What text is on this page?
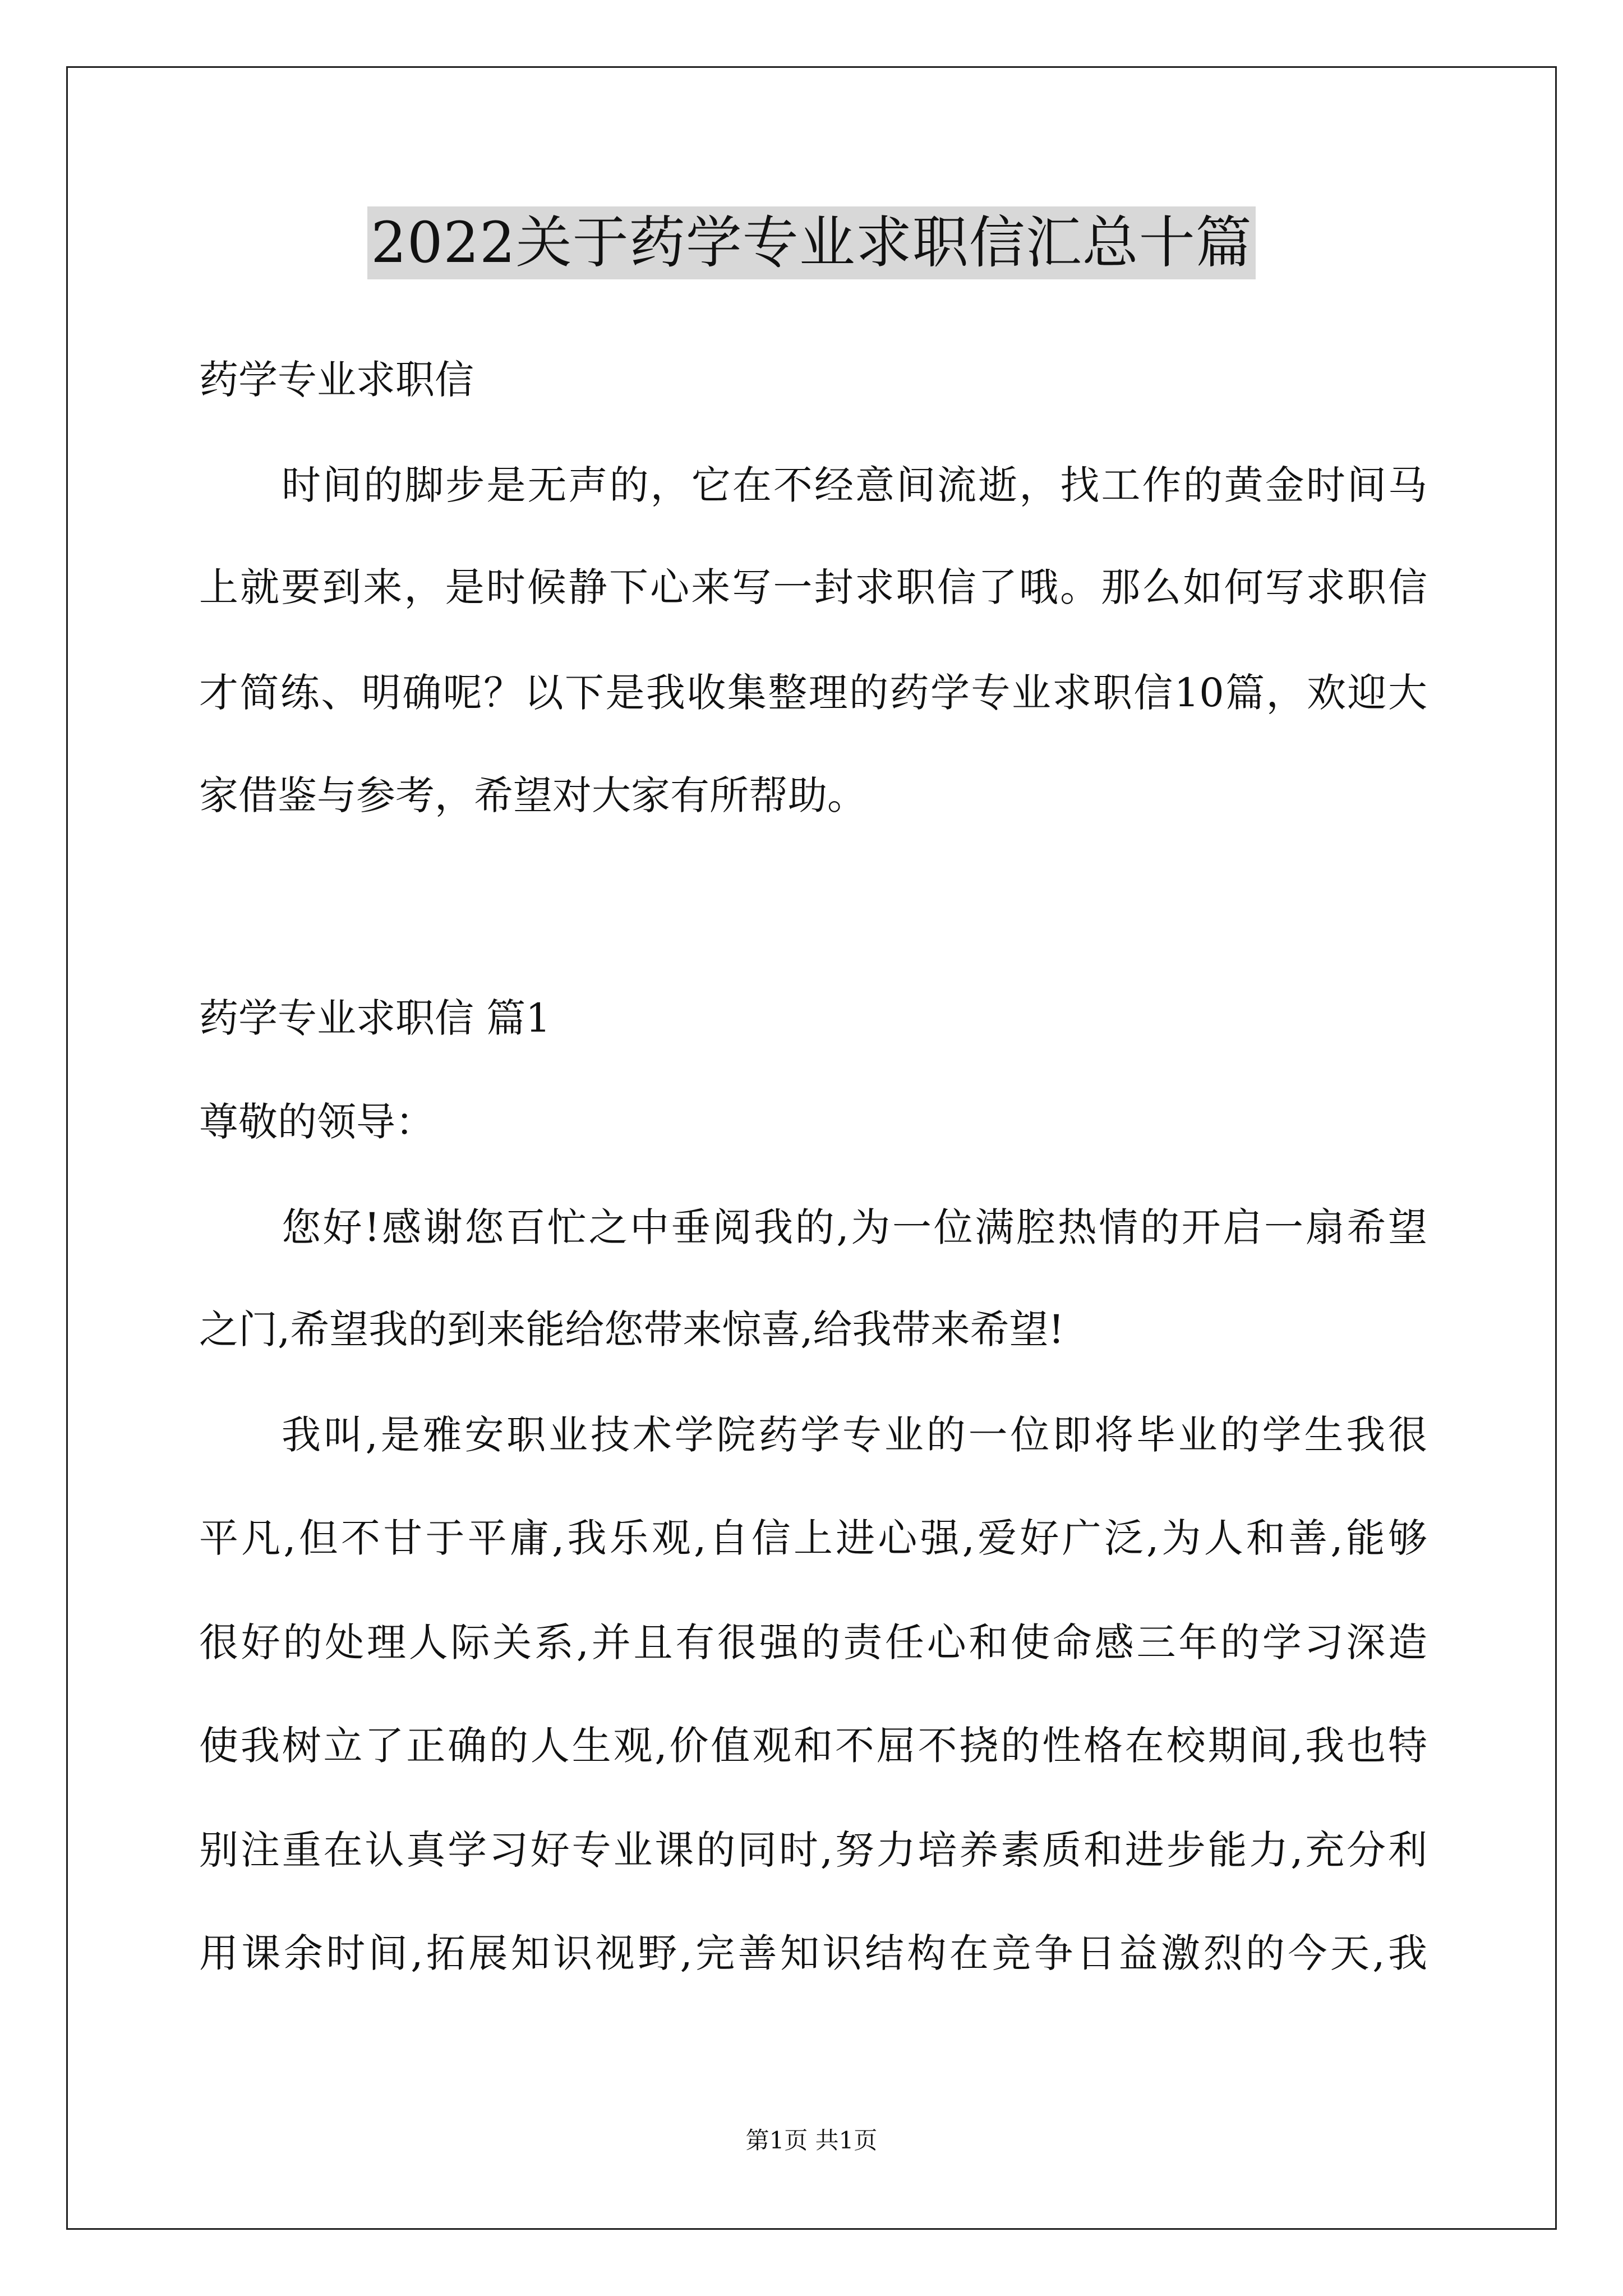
2022关于药学专业求职信汇总十篇

药学专业求职信

时间的脚步是无声的，它在不经意间流逝，找工作的黄金时间马

上就要到来，是时候静下心来写一封求职信了哦。那么如何写求职信

才简练、明确呢？以下是我收集整理的药学专业求职信10篇，欢迎大

家借鉴与参考，希望对大家有所帮助。

药学专业求职信 篇1

尊敬的领导：

您好!感谢您百忙之中垂阅我的,为一位满腔热情的开启一扇希望

之门,希望我的到来能给您带来惊喜,给我带来希望!

我叫,是雅安职业技术学院药学专业的一位即将毕业的学生我很

平凡,但不甘于平庸,我乐观,自信上进心强,爱好广泛,为人和善,能够

很好的处理人际关系,并且有很强的责任心和使命感三年的学习深造

使我树立了正确的人生观,价值观和不屈不挠的性格在校期间,我也特

别注重在认真学习好专业课的同时,努力培养素质和进步能力,充分利

用课余时间,拓展知识视野,完善知识结构在竞争日益激烈的今天,我

第1页 共1页
